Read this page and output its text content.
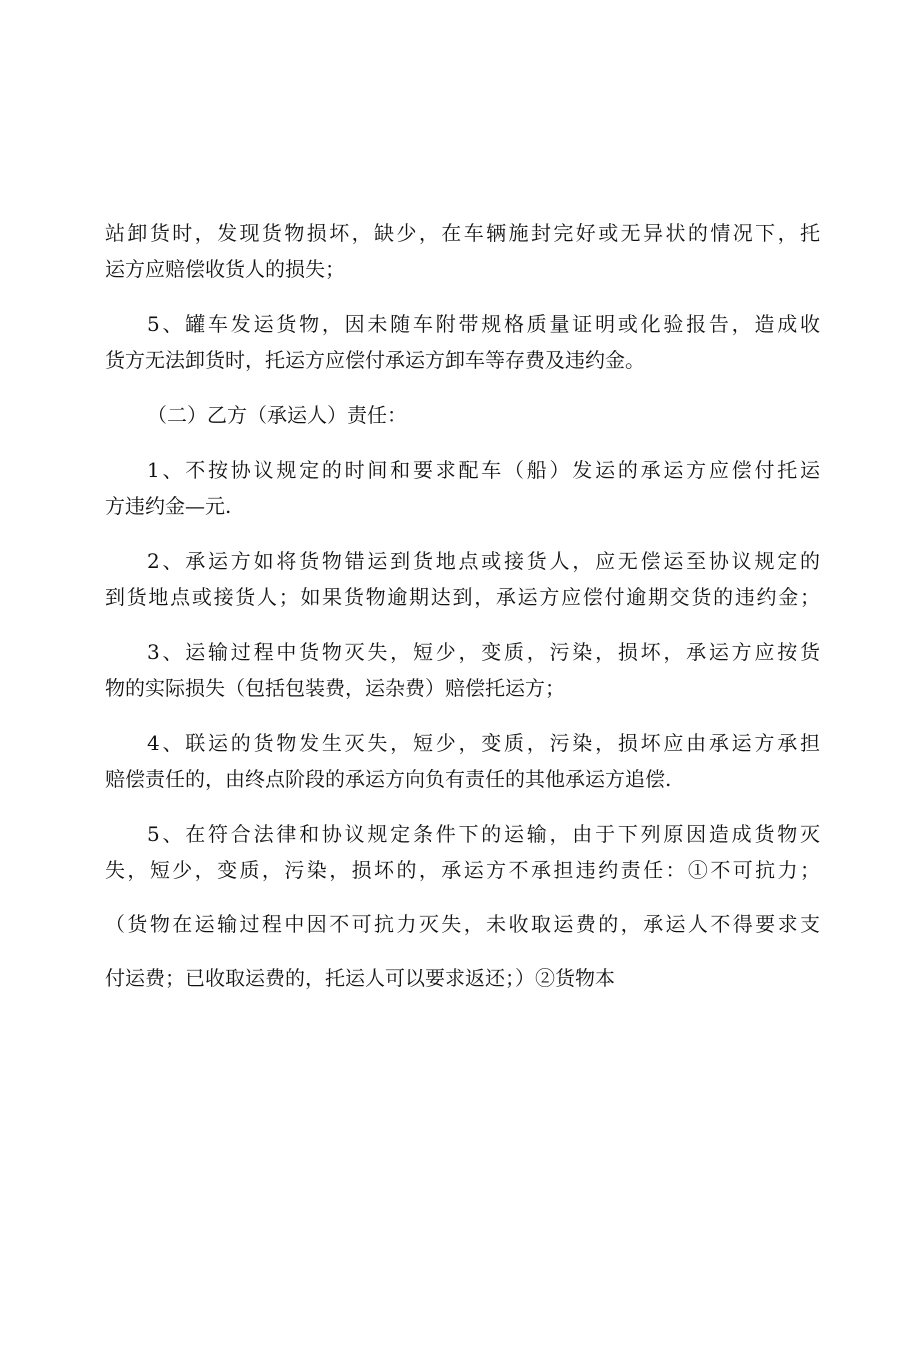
站卸货时，发现货物损坏，缺少，在车辆施封完好或无异状的情况下，托
运方应赔偿收货人的损失；
5、罐车发运货物，因未随车附带规格质量证明或化验报告，造成收
货方无法卸货时，托运方应偿付承运方卸车等存费及违约金。
（二）乙方（承运人）责任：
1、不按协议规定的时间和要求配车（船）发运的承运方应偿付托运
方违约金—元.
2、承运方如将货物错运到货地点或接货人，应无偿运至协议规定的
到货地点或接货人；如果货物逾期达到，承运方应偿付逾期交货的违约金；
3、运输过程中货物灭失，短少，变质，污染，损坏，承运方应按货
物的实际损失（包括包装费，运杂费）赔偿托运方；
4、联运的货物发生灭失，短少，变质，污染，损坏应由承运方承担
赔偿责任的，由终点阶段的承运方向负有责任的其他承运方追偿.
5、在符合法律和协议规定条件下的运输，由于下列原因造成货物灭
失，短少，变质，污染，损坏的，承运方不承担违约责任：①不可抗力；
（货物在运输过程中因不可抗力灭失，未收取运费的，承运人不得要求支
付运费；已收取运费的，托运人可以要求返还；）②货物本
